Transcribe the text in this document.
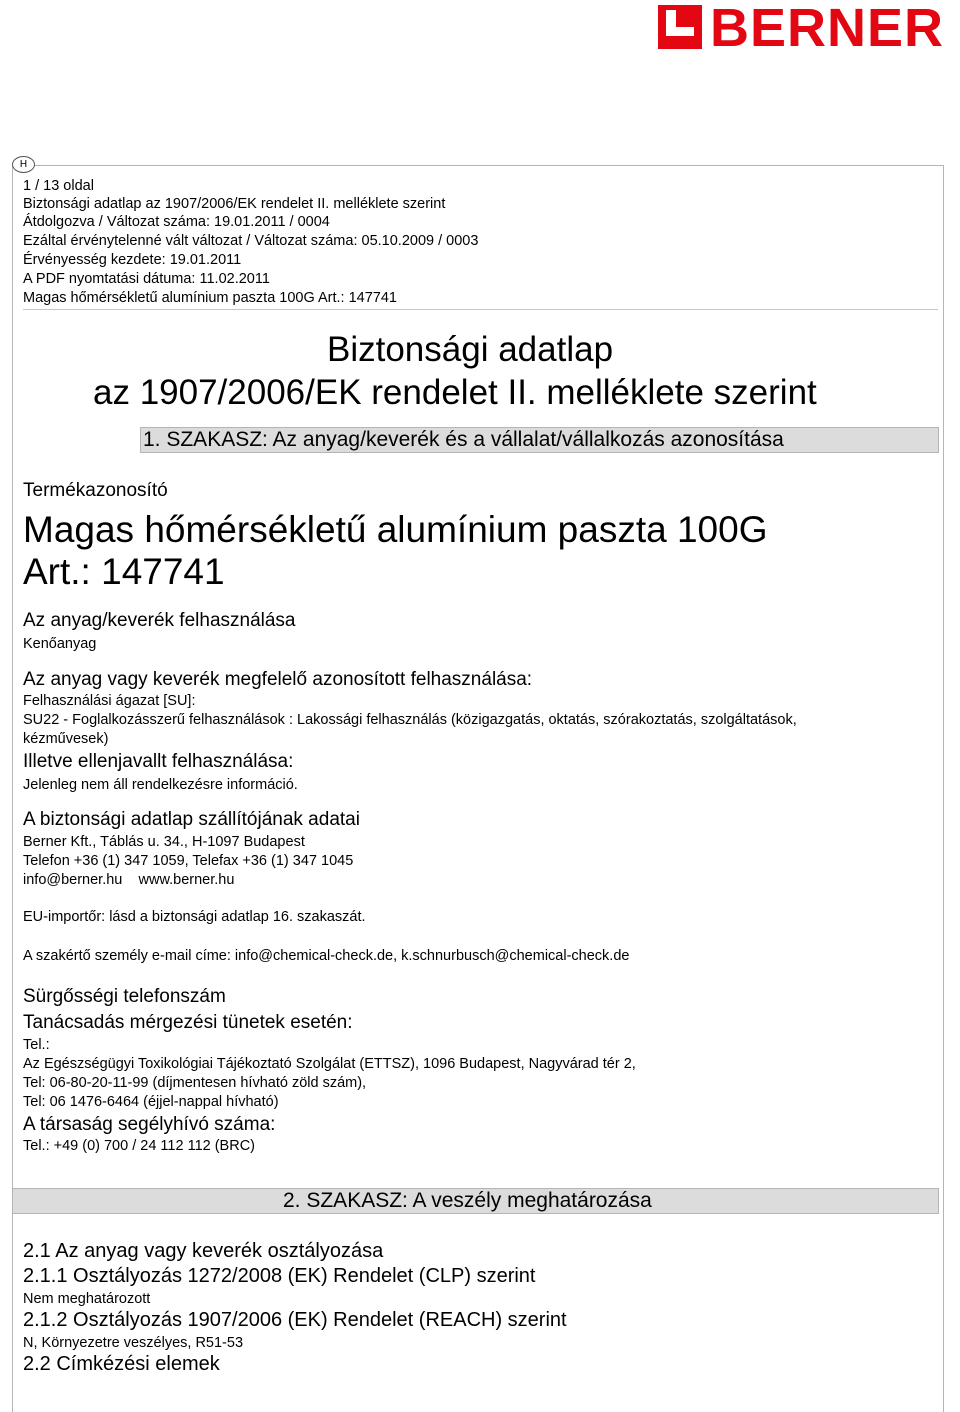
BERNER
H
1 / 13 oldal
Biztonsági adatlap az 1907/2006/EK rendelet II. melléklete szerint
Átdolgozva / Változat száma: 19.01.2011 / 0004
Ezáltal érvénytelenné vált változat / Változat száma: 05.10.2009 / 0003
Érvényesség kezdete: 19.01.2011
A PDF nyomtatási dátuma: 11.02.2011
Magas hőmérsékletű alumínium paszta 100G Art.: 147741
Biztonsági adatlap
az 1907/2006/EK rendelet II. melléklete szerint
1. SZAKASZ: Az anyag/keverék és a vállalat/vállalkozás azonosítása
Termékazonosító
Magas hőmérsékletű alumínium paszta 100G
Art.: 147741
Az anyag/keverék felhasználása
Kenőanyag
Az anyag vagy keverék megfelelő azonosított felhasználása:
Felhasználási ágazat [SU]:
SU22 - Foglalkozásszerű felhasználások : Lakossági felhasználás (közigazgatás, oktatás, szórakoztatás, szolgáltatások,
kézművesek)
Illetve ellenjavallt felhasználása:
Jelenleg nem áll rendelkezésre információ.
A biztonsági adatlap szállítójának adatai
Berner Kft., Táblás u. 34., H-1097 Budapest
Telefon +36 (1) 347 1059, Telefax +36 (1) 347 1045
info@berner.hu www.berner.hu
EU-importőr: lásd a biztonsági adatlap 16. szakaszát.
A szakértő személy e-mail címe: info@chemical-check.de, k.schnurbusch@chemical-check.de
Sürgősségi telefonszám
Tanácsadás mérgezési tünetek esetén:
Tel.:
Az Egészségügyi Toxikológiai Tájékoztató Szolgálat (ETTSZ), 1096 Budapest, Nagyvárad tér 2,
Tel: 06-80-20-11-99 (díjmentesen hívható zöld szám),
Tel: 06 1476-6464 (éjjel-nappal hívható)
A társaság segélyhívó száma:
Tel.: +49 (0) 700 / 24 112 112 (BRC)
2. SZAKASZ: A veszély meghatározása
2.1 Az anyag vagy keverék osztályozása
2.1.1 Osztályozás 1272/2008 (EK) Rendelet (CLP) szerint
Nem meghatározott
2.1.2 Osztályozás 1907/2006 (EK) Rendelet (REACH) szerint
N, Környezetre veszélyes, R51-53
2.2 Címkézési elemek
